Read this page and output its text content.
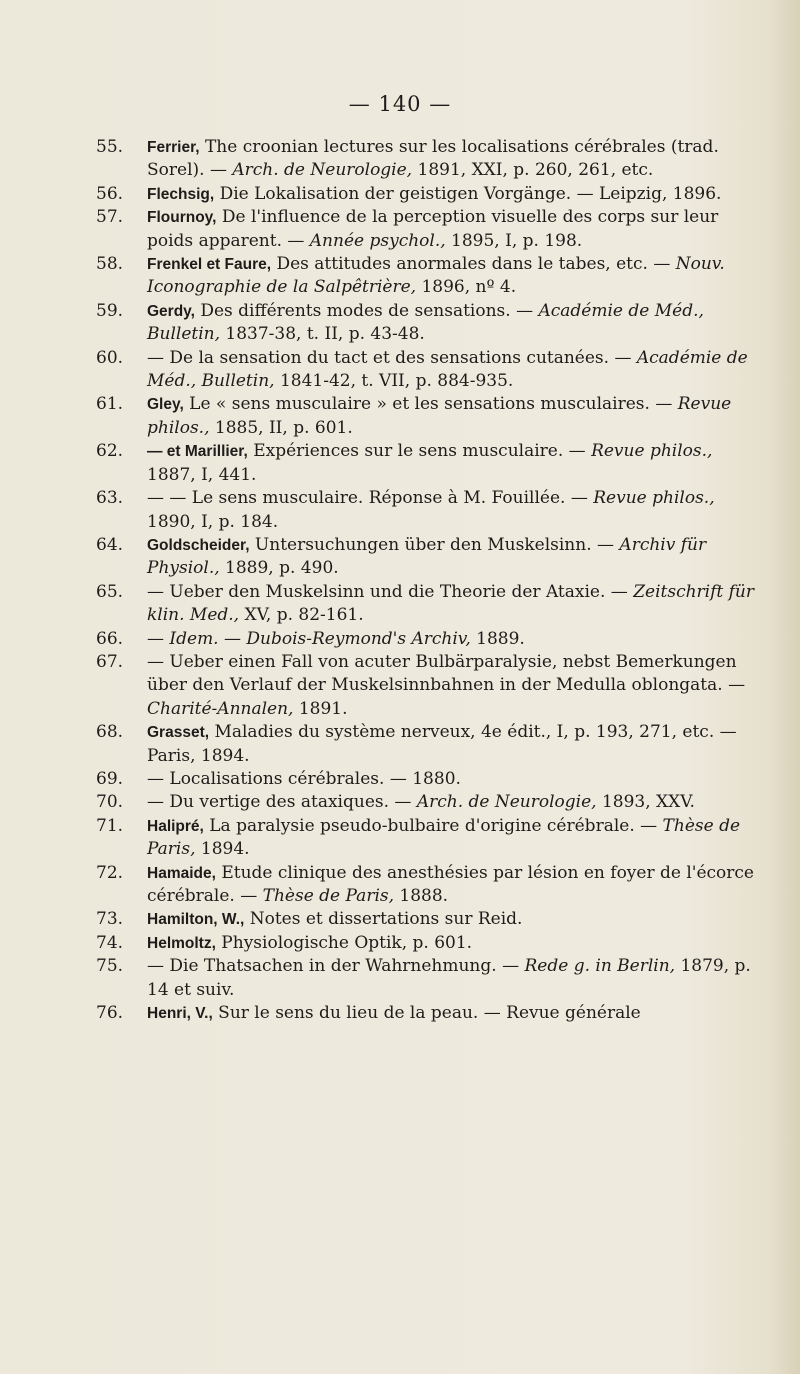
— 140 —
55.	Ferrier, The croonian lectures sur les localisations cérébrales (trad. Sorel). — Arch. de Neurologie, 1891, XXI, p. 260, 261, etc.
56.	Flechsig, Die Lokalisation der geistigen Vorgänge. — Leipzig, 1896.
57.	Flournoy, De l'influence de la perception visuelle des corps sur leur poids apparent. — Année psychol., 1895, I, p. 198.
58.	Frenkel et Faure, Des attitudes anormales dans le tabes, etc. — Nouv. Iconographie de la Salpêtrière, 1896, nº 4.
59.	Gerdy, Des différents modes de sensations. — Académie de Méd., Bulletin, 1837-38, t. II, p. 43-48.
60.	— De la sensation du tact et des sensations cutanées. — Académie de Méd., Bulletin, 1841-42, t. VII, p. 884-935.
61.	Gley, Le « sens musculaire » et les sensations musculaires. — Revue philos., 1885, II, p. 601.
62.	— et Marillier, Expériences sur le sens musculaire. — Revue philos., 1887, I, 441.
63.	— — Le sens musculaire. Réponse à M. Fouillée. — Revue philos., 1890, I, p. 184.
64.	Goldscheider, Untersuchungen über den Muskelsinn. — Archiv für Physiol., 1889, p. 490.
65.	— Ueber den Muskelsinn und die Theorie der Ataxie. — Zeitschrift für klin. Med., XV, p. 82-161.
66.	— Idem. — Dubois-Reymond's Archiv, 1889.
67.	— Ueber einen Fall von acuter Bulbärparalysie, nebst Bemerkungen über den Verlauf der Muskelsinnbahnen in der Medulla oblongata. — Charité-Annalen, 1891.
68.	Grasset, Maladies du système nerveux, 4e édit., I, p. 193, 271, etc. — Paris, 1894.
69.	— Localisations cérébrales. — 1880.
70.	— Du vertige des ataxiques. — Arch. de Neurologie, 1893, XXV.
71.	Halipré, La paralysie pseudo-bulbaire d'origine cérébrale. — Thèse de Paris, 1894.
72.	Hamaide, Etude clinique des anesthésies par lésion en foyer de l'écorce cérébrale. — Thèse de Paris, 1888.
73.	Hamilton, W., Notes et dissertations sur Reid.
74.	Helmoltz, Physiologische Optik, p. 601.
75.	— Die Thatsachen in der Wahrnehmung. — Rede g. in Berlin, 1879, p. 14 et suiv.
76.	Henri, V., Sur le sens du lieu de la peau. — Revue générale
